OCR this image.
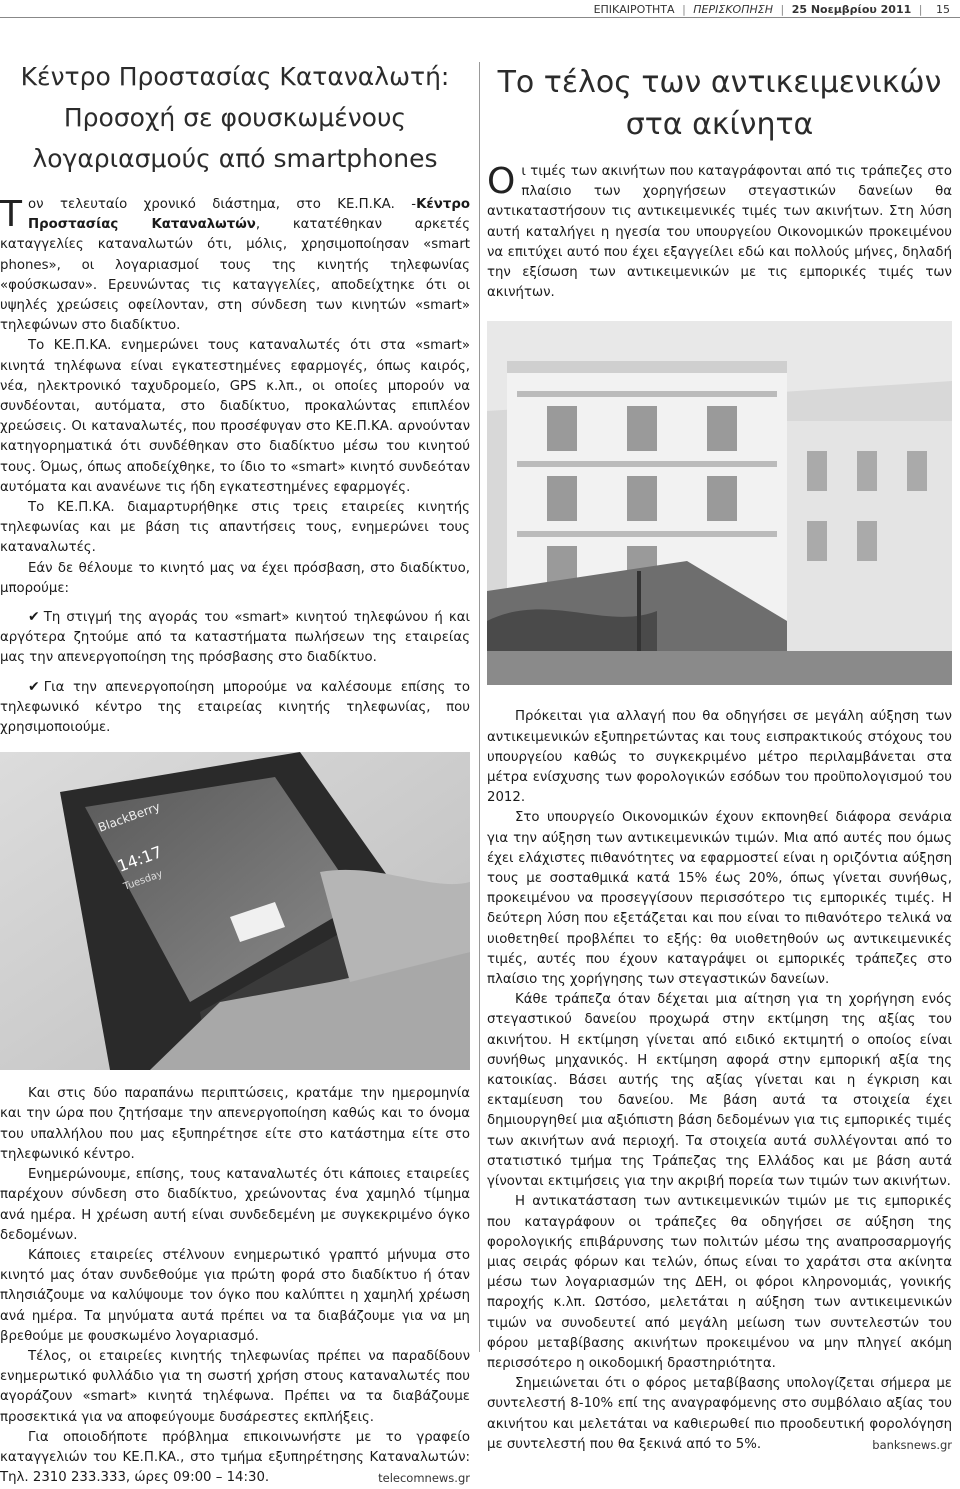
ΕΠΙΚΑΙΡΟΤΗΤΑ | ΠΕΡΙΣΚΟΠΗΣΗ | 25 Νοεμβρίου 2011 | 15
Κέντρο Προστασίας Καταναλωτή:
Προσοχή σε φουσκωμένους
λογαριασμούς από smartphones

Τον τελευταίο χρονικό διάστημα, στο ΚΕ.Π.ΚΑ. -Κέντρο Προστασίας Καταναλωτών, κατατέθηκαν αρκετές καταγγελίες καταναλωτών ότι, μόλις, χρησιμοποίησαν «smart phones», οι λογαριασμοί τους της κινητής τηλεφωνίας «φούσκωσαν». Ερευνώντας τις καταγγελίες, αποδείχτηκε ότι οι υψηλές χρεώσεις οφείλονταν, στη σύνδεση των κινητών «smart» τηλεφώνων στο διαδίκτυο.

Το ΚΕ.Π.ΚΑ. ενημερώνει τους καταναλωτές ότι στα «smart» κινητά τηλέφωνα είναι εγκατεστημένες εφαρμογές, όπως καιρός, νέα, ηλεκτρονικό ταχυδρομείο, GPS κ.λπ., οι οποίες μπορούν να συνδέονται, αυτόματα, στο διαδίκτυο, προκαλώντας επιπλέον χρεώσεις. Οι καταναλωτές, που προσέφυγαν στο ΚΕ.Π.ΚΑ. αρνούνταν κατηγορηματικά ότι συνδέθηκαν στο διαδίκτυο μέσω του κινητού τους. Όμως, όπως αποδείχθηκε, το ίδιο το «smart» κινητό συνδεόταν αυτόματα και ανανέωνε τις ήδη εγκατεστημένες εφαρμογές.

Το ΚΕ.Π.ΚΑ. διαμαρτυρήθηκε στις τρεις εταιρείες κινητής τηλεφωνίας και με βάση τις απαντήσεις τους, ενημερώνει τους καταναλωτές.

Εάν δε θέλουμε το κινητό μας να έχει πρόσβαση, στο διαδίκτυο, μπορούμε:

✔ Τη στιγμή της αγοράς του «smart» κινητού τηλεφώνου ή και αργότερα ζητούμε από τα καταστήματα πωλήσεων της εταιρείας μας την απενεργοποίηση της πρόσβασης στο διαδίκτυο.

✔ Για την απενεργοποίηση μπορούμε να καλέσουμε επίσης το τηλεφωνικό κέντρο της εταιρείας κινητής τηλεφωνίας, που χρησιμοποιούμε.

BlackBerry
14:17
Tuesday

Και στις δύο παραπάνω περιπτώσεις, κρατάμε την ημερομηνία και την ώρα που ζητήσαμε την απενεργοποίηση καθώς και το όνομα του υπαλλήλου που μας εξυπηρέτησε είτε στο κατάστημα είτε στο τηλεφωνικό κέντρο.

Ενημερώνουμε, επίσης, τους καταναλωτές ότι κάποιες εταιρείες παρέχουν σύνδεση στο διαδίκτυο, χρεώνοντας ένα χαμηλό τίμημα ανά ημέρα. Η χρέωση αυτή είναι συνδεδεμένη με συγκεκριμένο όγκο δεδομένων.

Κάποιες εταιρείες στέλνουν ενημερωτικό γραπτό μήνυμα στο κινητό μας όταν συνδεθούμε για πρώτη φορά στο διαδίκτυο ή όταν πλησιάζουμε να καλύψουμε τον όγκο που καλύπτει η χαμηλή χρέωση ανά ημέρα. Τα μηνύματα αυτά πρέπει να τα διαβάζουμε για να μη βρεθούμε με φουσκωμένο λογαριασμό.

Τέλος, οι εταιρείες κινητής τηλεφωνίας πρέπει να παραδίδουν ενημερωτικό φυλλάδιο για τη σωστή χρήση στους καταναλωτές που αγοράζουν «smart» κινητά τηλέφωνα. Πρέπει να τα διαβάζουμε προσεκτικά για να αποφεύγουμε δυσάρεστες εκπλήξεις.

Για οποιοδήποτε πρόβλημα επικοινωνήστε με το γραφείο καταγγελιών του ΚΕ.Π.ΚΑ., στο τμήμα εξυπηρέτησης Καταναλωτών: Τηλ. 2310 233.333, ώρες 09:00 – 14:30.	telecomnews.gr
Το τέλος των αντικειμενικών
στα ακίνητα

Οι τιμές των ακινήτων που καταγράφονται από τις τράπεζες στο πλαίσιο των χορηγήσεων στεγαστικών δανείων θα αντικαταστήσουν τις αντικειμενικές τιμές των ακινήτων. Στη λύση αυτή καταλήγει η ηγεσία του υπουργείου Οικονομικών προκειμένου να επιτύχει αυτό που έχει εξαγγείλει εδώ και πολλούς μήνες, δηλαδή την εξίσωση των αντικειμενικών με τις εμπορικές τιμές των ακινήτων.

Πρόκειται για αλλαγή που θα οδηγήσει σε μεγάλη αύξηση των αντικειμενικών εξυπηρετώντας και τους εισπρακτικούς στόχους του υπουργείου καθώς το συγκεκριμένο μέτρο περιλαμβάνεται στα μέτρα ενίσχυσης των φορολογικών εσόδων του προϋπολογισμού του 2012.

Στο υπουργείο Οικονομικών έχουν εκπονηθεί διάφορα σενάρια για την αύξηση των αντικειμενικών τιμών. Μια από αυτές που όμως έχει ελάχιστες πιθανότητες να εφαρμοστεί είναι η οριζόντια αύξηση τους με σοσταθμικά κατά 15% έως 20%, όπως γίνεται συνήθως, προκειμένου να προσεγγίσουν περισσότερο τις εμπορικές τιμές. Η δεύτερη λύση που εξετάζεται και που είναι το πιθανότερο τελικά να υιοθετηθεί προβλέπει το εξής: θα υιοθετηθούν ως αντικειμενικές τιμές, αυτές που έχουν καταγράψει οι εμπορικές τράπεζες στο πλαίσιο της χορήγησης των στεγαστικών δανείων.

Κάθε τράπεζα όταν δέχεται μια αίτηση για τη χορήγηση ενός στεγαστικού δανείου προχωρά στην εκτίμηση της αξίας του ακινήτου. Η εκτίμηση γίνεται από ειδικό εκτιμητή ο οποίος είναι συνήθως μηχανικός. Η εκτίμηση αφορά στην εμπορική αξία της κατοικίας. Βάσει αυτής της αξίας γίνεται και η έγκριση και εκταμίευση του δανείου. Με βάση αυτά τα στοιχεία έχει δημιουργηθεί μια αξιόπιστη βάση δεδομένων για τις εμπορικές τιμές των ακινήτων ανά περιοχή. Τα στοιχεία αυτά συλλέγονται από το στατιστικό τμήμα της Τράπεζας της Ελλάδος και με βάση αυτά γίνονται εκτιμήσεις για την ακριβή πορεία των τιμών των ακινήτων.

Η αντικατάσταση των αντικειμενικών τιμών με τις εμπορικές που καταγράφουν οι τράπεζες θα οδηγήσει σε αύξηση της φορολογικής επιβάρυνσης των πολιτών μέσω της αναπροσαρμογής μιας σειράς φόρων και τελών, όπως είναι το χαράτσι στα ακίνητα μέσω των λογαριασμών της ΔΕΗ, οι φόροι κληρονομιάς, γονικής παροχής κ.λπ. Ωστόσο, μελετάται η αύξηση των αντικειμενικών τιμών να συνοδευτεί από μεγάλη μείωση των συντελεστών του φόρου μεταβίβασης ακινήτων προκειμένου να μην πληγεί ακόμη περισσότερο η οικοδομική δραστηριότητα.

Σημειώνεται ότι ο φόρος μεταβίβασης υπολογίζεται σήμερα με συντελεστή 8-10% επί της αναγραφόμενης στο συμβόλαιο αξίας του ακινήτου και μελετάται να καθιερωθεί πιο προοδευτική φορολόγηση με συντελεστή που θα ξεκινά από το 5%.	banksnews.gr
